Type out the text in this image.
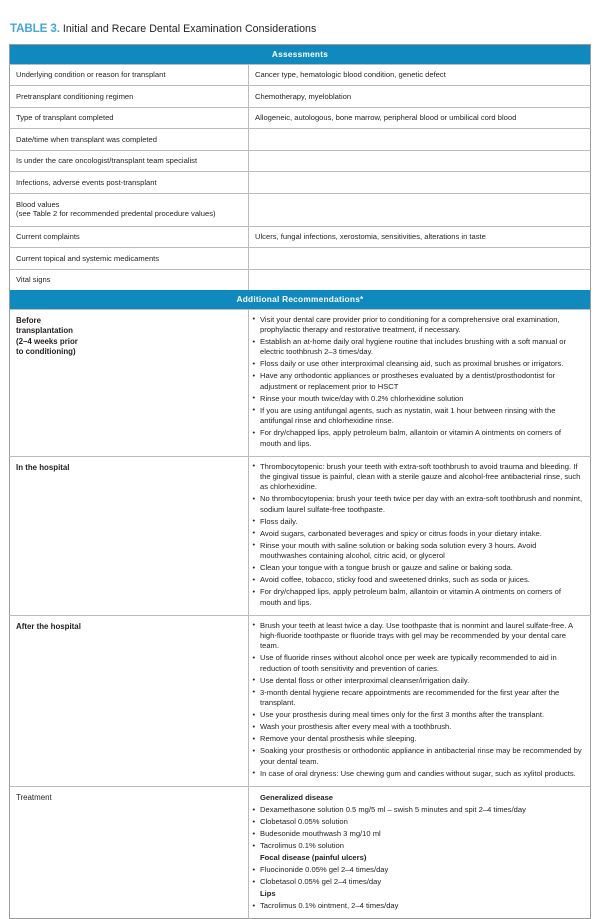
TABLE 3. Initial and Recare Dental Examination Considerations
Assessments	
Underlying condition or reason for transplant	Cancer type, hematologic blood condition, genetic defect
Pretransplant conditioning regimen	Chemotherapy, myeloblation
Type of transplant completed	Allogeneic, autologous, bone marrow, peripheral blood or umbilical cord blood
Date/time when transplant was completed	
Is under the care oncologist/transplant team specialist	
Infections, adverse events post-transplant	
Blood values
(see Table 2 for recommended predental procedure values)	
Current complaints	Ulcers, fungal infections, xerostomia, sensitivities, alterations in taste
Current topical and systemic medicaments	
Vital signs	
Additional Recommendations*	
Before
transplantation
(2–4 weeks prior
to conditioning)	
• Visit your dental care provider prior to conditioning for a comprehensive oral examination, prophylactic therapy and restorative treatment, if necessary.
• Establish an at-home daily oral hygiene routine that includes brushing with a soft manual or electric toothbrush 2–3 times/day.
• Floss daily or use other interproximal cleansing aid, such as proximal brushes or irrigators.
• Have any orthodontic appliances or prostheses evaluated by a dentist/prosthodontist for adjustment or replacement prior to HSCT
• Rinse your mouth twice/day with 0.2% chlorhexidine solution
• If you are using antifungal agents, such as nystatin, wait 1 hour between rinsing with the antifungal rinse and chlorhexidine rinse.
• For dry/chapped lips, apply petroleum balm, allantoin or vitamin A ointments on corners of mouth and lips.

In the hospital	
•Thrombocytopenic: brush your teeth with extra-soft toothbrush to avoid trauma and bleeding. If the gingival tissue is painful, clean with a sterile gauze and alcohol-free antibacterial rinse, such as chlorhexidine.
• No thrombocytopenia: brush your teeth twice per day with an extra-soft toothbrush and nonmint, sodium laurel sulfate-free toothpaste.
• Floss daily.
• Avoid sugars, carbonated beverages and spicy or citrus foods in your dietary intake.
• Rinse your mouth with saline solution or baking soda solution every 3 hours. Avoid mouthwashes containing alcohol, citric acid, or glycerol
• Clean your tongue with a tongue brush or gauze and saline or baking soda.
• Avoid coffee, tobacco, sticky food and sweetened drinks, such as soda or juices.
• For dry/chapped lips, apply petroleum balm, allantoin or vitamin A ointments on corners of mouth and lips.

After the hospital	
•Brush your teeth at least twice a day. Use toothpaste that is nonmint and laurel sulfate-free. A high-fluoride toothpaste or fluoride trays with gel may be recommended by your dental care team.
• Use of fluoride rinses without alcohol once per week are typically recommended to aid in reduction of tooth sensitivity and prevention of caries.
• Use dental floss or other interproximal cleanser/irrigation daily.
• 3-month dental hygiene recare appointments are recommended for the first year after the transplant.
• Use your prosthesis during meal times only for the first 3 months after the transplant.
• Wash your prosthesis after every meal with a toothbrush.
• Remove your dental prosthesis while sleeping.
• Soaking your prosthesis or orthodontic appliance in antibacterial rinse may be recommended by your dental team.
• In case of oral dryness: Use chewing gum and candies without sugar, such as xylitol products.

Treatment	Generalized disease
• Dexamethasone solution 0.5 mg/5 ml – swish 5 minutes and spit 2–4 times/day
• Clobetasol 0.05% solution
• Budesonide mouthwash 3 mg/10 ml
• Tacrolimus 0.1% solution
Focal disease (painful ulcers)
• Fluocinonide 0.05% gel 2–4 times/day
• Clobetasol 0.05% gel 2–4 times/day
Lips
• Tacrolimus 0.1% ointment, 2–4 times/day
